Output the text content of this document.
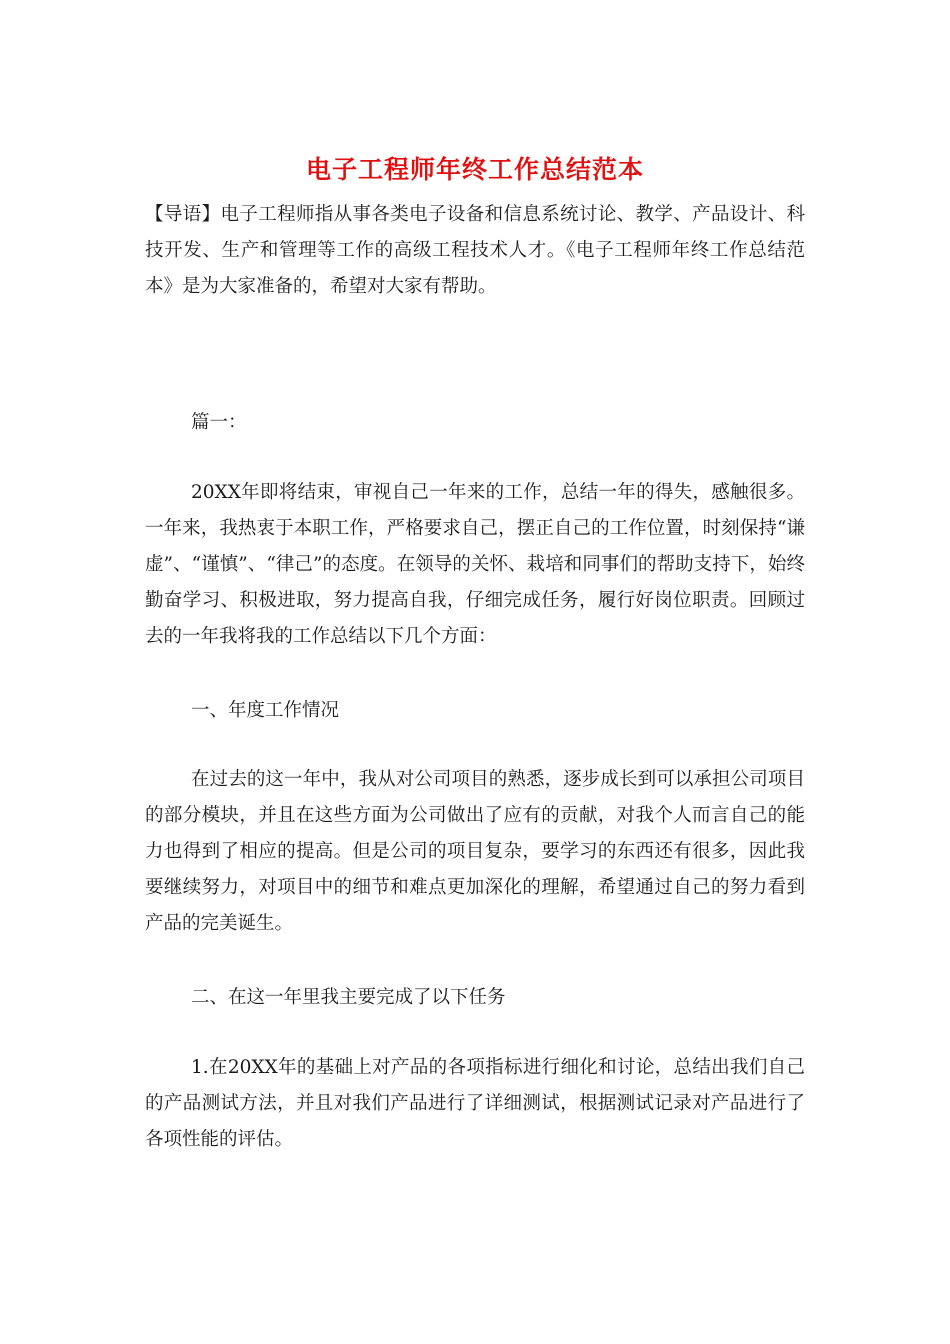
电子工程师年终工作总结范本
【导语】电子工程师指从事各类电子设备和信息系统讨论、教学、产品设计、科技开发、生产和管理等工作的高级工程技术人才。《电子工程师年终工作总结范本》是为大家准备的，希望对大家有帮助。
篇一：
20XX年即将结束，审视自己一年来的工作，总结一年的得失，感触很多。一年来，我热衷于本职工作，严格要求自己，摆正自己的工作位置，时刻保持“谦虚”、“谨慎”、“律己”的态度。在领导的关怀、栽培和同事们的帮助支持下，始终勤奋学习、积极进取，努力提高自我，仔细完成任务，履行好岗位职责。回顾过去的一年我将我的工作总结以下几个方面：
一、年度工作情况
在过去的这一年中，我从对公司项目的熟悉，逐步成长到可以承担公司项目的部分模块，并且在这些方面为公司做出了应有的贡献，对我个人而言自己的能力也得到了相应的提高。但是公司的项目复杂，要学习的东西还有很多，因此我要继续努力，对项目中的细节和难点更加深化的理解，希望通过自己的努力看到产品的完美诞生。
二、在这一年里我主要完成了以下任务
1.在20XX年的基础上对产品的各项指标进行细化和讨论，总结出我们自己的产品测试方法，并且对我们产品进行了详细测试，根据测试记录对产品进行了各项性能的评估。
